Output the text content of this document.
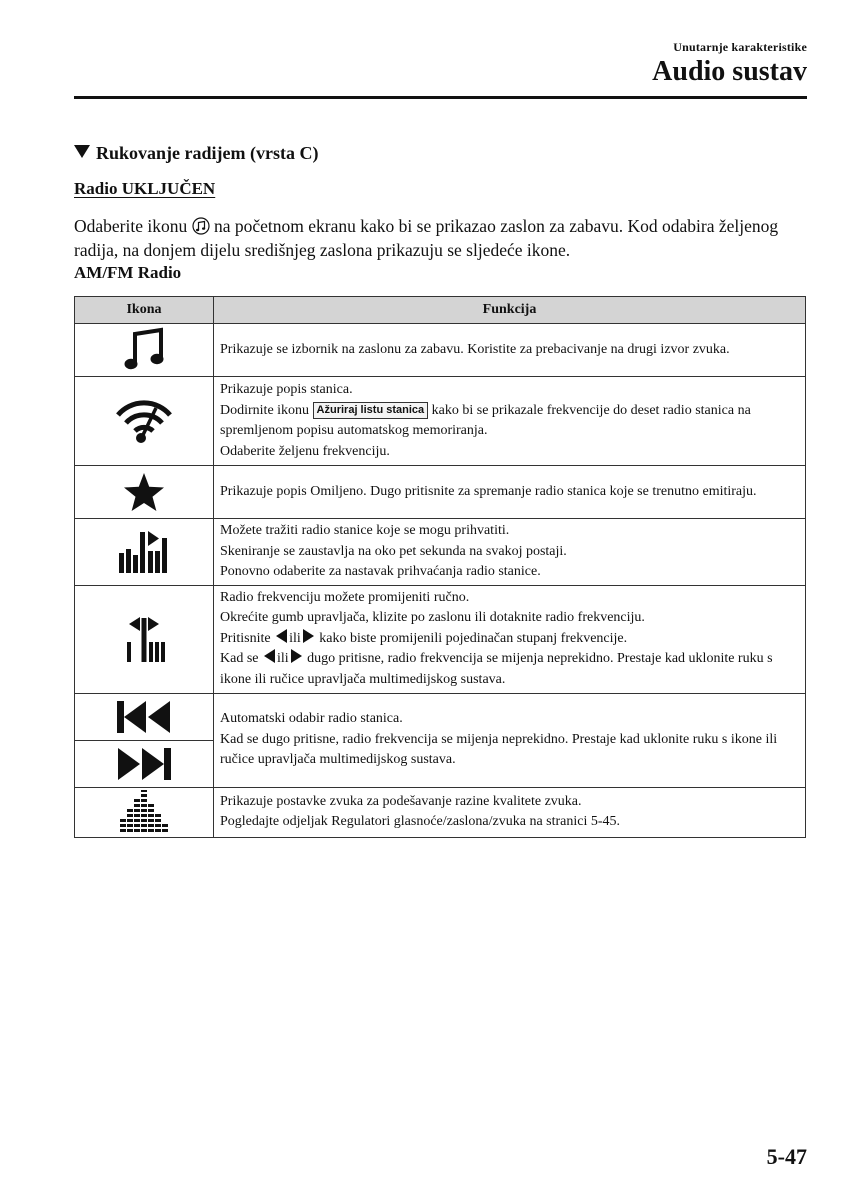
Unutarnje karakteristike
Audio sustav
Rukovanje radijem (vrsta C)
Radio UKLJUČEN
Odaberite ikonu na početnom ekranu kako bi se prikazao zaslon za zabavu. Kod odabira željenog radija, na donjem dijelu središnjeg zaslona prikazuju se sljedeće ikone.
AM/FM Radio
Ikona	Funkcija

	Prikazuje se izbornik na zaslonu za zabavu. Koristite za prebacivanje na drugi izvor zvuka.

Prikazuje popis stanica.
Dodirnite ikonu Ažuriraj listu stanica kako bi se prikazale frekvencije do deset radio stanica na spremljenom popisu automatskog memoriranja.
Odaberite željenu frekvenciju.

	Prikazuje popis Omiljeno. Dugo pritisnite za spremanje radio stanica koje se trenutno emitiraju.

Možete tražiti radio stanice koje se mogu prihvatiti.
Skeniranje se zaustavlja na oko pet sekunda na svakoj postaji.
Ponovno odaberite za nastavak prihvaćanja radio stanice.

Radio frekvenciju možete promijeniti ručno.
Okrećite gumb upravljača, klizite po zaslonu ili dotaknite radio frekvenciju.
Pritisnite ili kako biste promijenili pojedinačan stupanj frekvencije.
Kad se ili dugo pritisne, radio frekvencija se mijenja neprekidno. Prestaje kad uklonite ruku s ikone ili ručice upravljača multimedijskog sustava.

Automatski odabir radio stanica.
Kad se dugo pritisne, radio frekvencija se mijenja neprekidno. Prestaje kad uklonite ruku s ikone ili ručice upravljača multimedijskog sustava.

Prikazuje postavke zvuka za podešavanje razine kvalitete zvuka.
Pogledajte odjeljak Regulatori glasnoće/zaslona/zvuka na stranici 5-45.
5-47
